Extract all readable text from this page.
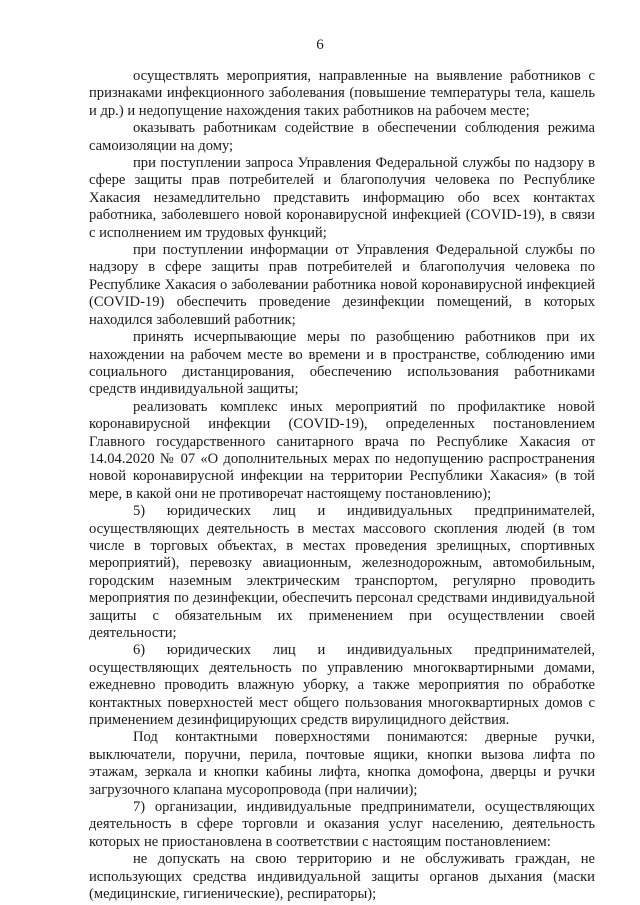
6

осуществлять мероприятия, направленные на выявление работников с признаками инфекционного заболевания (повышение температуры тела, кашель и др.) и недопущение нахождения таких работников на рабочем месте;

оказывать работникам содействие в обеспечении соблюдения режима самоизоляции на дому;

при поступлении запроса Управления Федеральной службы по надзору в сфере защиты прав потребителей и благополучия человека по Республике Хакасия незамедлительно представить информацию обо всех контактах работника, заболевшего новой коронавирусной инфекцией (COVID-19), в связи с исполнением им трудовых функций;

при поступлении информации от Управления Федеральной службы по надзору в сфере защиты прав потребителей и благополучия человека по Республике Хакасия о заболевании работника новой коронавирусной инфекцией (COVID-19) обеспечить проведение дезинфекции помещений, в которых находился заболевший работник;

принять исчерпывающие меры по разобщению работников при их нахождении на рабочем месте во времени и в пространстве, соблюдению ими социального дистанцирования, обеспечению использования работниками средств индивидуальной защиты;

реализовать комплекс иных мероприятий по профилактике новой коронавирусной инфекции (COVID-19), определенных постановлением Главного государственного санитарного врача по Республике Хакасия от 14.04.2020 № 07 «О дополнительных мерах по недопущению распространения новой коронавирусной инфекции на территории Республики Хакасия» (в той мере, в какой они не противоречат настоящему постановлению);

5) юридических лиц и индивидуальных предпринимателей, осуществляющих деятельность в местах массового скопления людей (в том числе в торговых объектах, в местах проведения зрелищных, спортивных мероприятий), перевозку авиационным, железнодорожным, автомобильным, городским наземным электрическим транспортом, регулярно проводить мероприятия по дезинфекции, обеспечить персонал средствами индивидуальной защиты с обязательным их применением при осуществлении своей деятельности;

6) юридических лиц и индивидуальных предпринимателей, осуществляющих деятельность по управлению многоквартирными домами, ежедневно проводить влажную уборку, а также мероприятия по обработке контактных поверхностей мест общего пользования многоквартирных домов с применением дезинфицирующих средств вирулицидного действия.

Под контактными поверхностями понимаются: дверные ручки, выключатели, поручни, перила, почтовые ящики, кнопки вызова лифта по этажам, зеркала и кнопки кабины лифта, кнопка домофона, дверцы и ручки загрузочного клапана мусоропровода (при наличии);

7) организации, индивидуальные предприниматели, осуществляющих деятельность в сфере торговли и оказания услуг населению, деятельность которых не приостановлена в соответствии с настоящим постановлением:

не допускать на свою территорию и не обслуживать граждан, не использующих средства индивидуальной защиты органов дыхания (маски (медицинские, гигиенические), респираторы);
